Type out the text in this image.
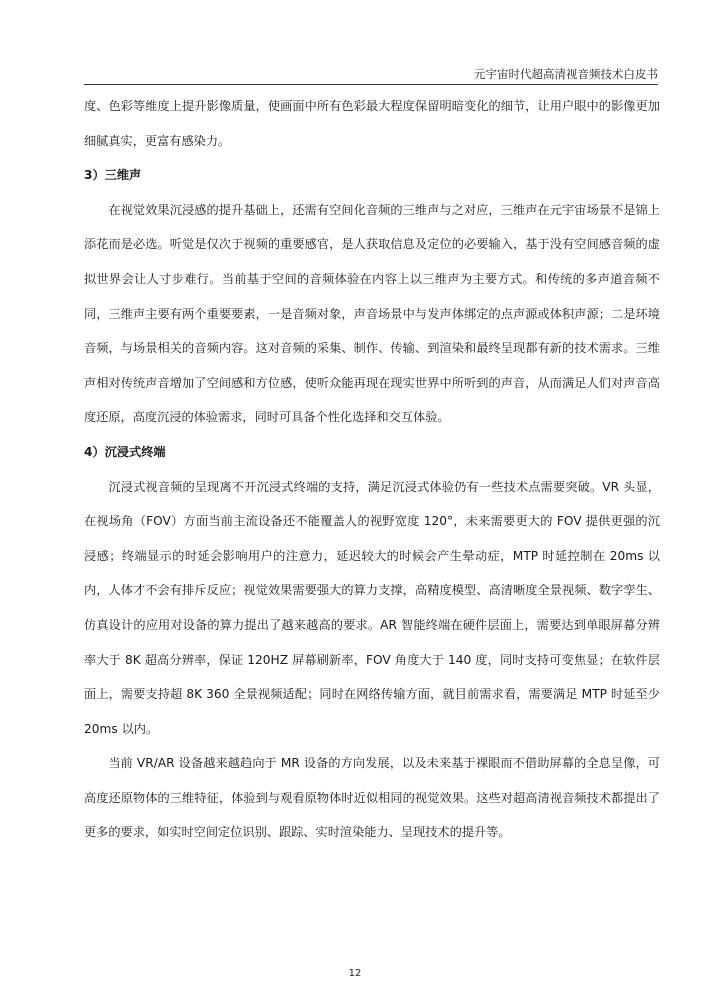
元宇宙时代超高清视音频技术白皮书

度、色彩等维度上提升影像质量，使画面中所有色彩最大程度保留明暗变化的细节，让用户眼中的影像更加细腻真实，更富有感染力。

3）三维声

在视觉效果沉浸感的提升基础上，还需有空间化音频的三维声与之对应，三维声在元宇宙场景不是锦上添花而是必选。听觉是仅次于视频的重要感官，是人获取信息及定位的必要输入，基于没有空间感音频的虚拟世界会让人寸步难行。当前基于空间的音频体验在内容上以三维声为主要方式。和传统的多声道音频不同，三维声主要有两个重要要素，一是音频对象，声音场景中与发声体绑定的点声源或体积声源；二是环境音频，与场景相关的音频内容。这对音频的采集、制作、传输、到渲染和最终呈现都有新的技术需求。三维声相对传统声音增加了空间感和方位感，使听众能再现在现实世界中所听到的声音，从而满足人们对声音高度还原，高度沉浸的体验需求，同时可具备个性化选择和交互体验。

4）沉浸式终端

沉浸式视音频的呈现离不开沉浸式终端的支持，满足沉浸式体验仍有一些技术点需要突破。VR 头显，在视场角（FOV）方面当前主流设备还不能覆盖人的视野宽度 120°，未来需要更大的 FOV 提供更强的沉浸感；终端显示的时延会影响用户的注意力，延迟较大的时候会产生晕动症，MTP 时延控制在 20ms 以内，人体才不会有排斥反应；视觉效果需要强大的算力支撑，高精度模型、高清晰度全景视频、数字孪生、仿真设计的应用对设备的算力提出了越来越高的要求。AR 智能终端在硬件层面上，需要达到单眼屏幕分辨率大于 8K 超高分辨率，保证 120HZ 屏幕刷新率，FOV 角度大于 140 度，同时支持可变焦显；在软件层面上，需要支持超 8K 360 全景视频适配；同时在网络传输方面，就目前需求看，需要满足 MTP 时延至少 20ms 以内。

当前 VR/AR 设备越来越趋向于 MR 设备的方向发展，以及未来基于裸眼而不借助屏幕的全息呈像，可高度还原物体的三维特征，体验到与观看原物体时近似相同的视觉效果。这些对超高清视音频技术都提出了更多的要求，如实时空间定位识别、跟踪、实时渲染能力、呈现技术的提升等。

12
